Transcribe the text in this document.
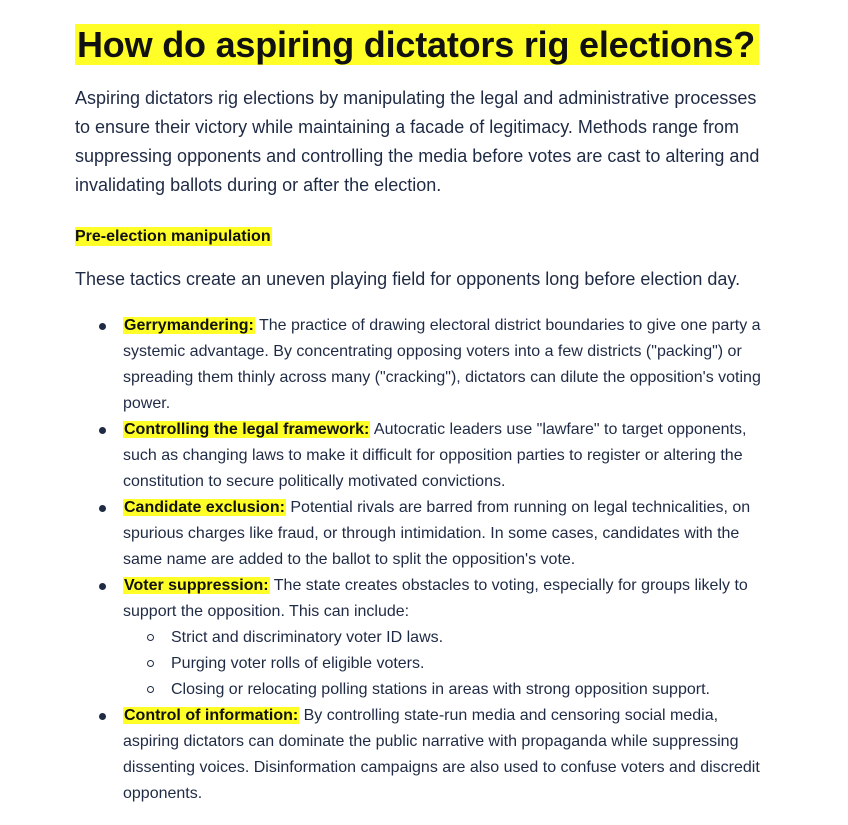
How do aspiring dictators rig elections?

Aspiring dictators rig elections by manipulating the legal and administrative processes to ensure their victory while maintaining a facade of legitimacy. Methods range from suppressing opponents and controlling the media before votes are cast to altering and invalidating ballots during or after the election.

Pre-election manipulation

These tactics create an uneven playing field for opponents long before election day.

Gerrymandering: The practice of drawing electoral district boundaries to give one party a systemic advantage. By concentrating opposing voters into a few districts ("packing") or spreading them thinly across many ("cracking"), dictators can dilute the opposition's voting power.
Controlling the legal framework: Autocratic leaders use "lawfare" to target opponents, such as changing laws to make it difficult for opposition parties to register or altering the constitution to secure politically motivated convictions.
Candidate exclusion: Potential rivals are barred from running on legal technicalities, on spurious charges like fraud, or through intimidation. In some cases, candidates with the same name are added to the ballot to split the opposition's vote.
Voter suppression: The state creates obstacles to voting, especially for groups likely to support the opposition. This can include:
Strict and discriminatory voter ID laws.
Purging voter rolls of eligible voters.
Closing or relocating polling stations in areas with strong opposition support.
Control of information: By controlling state-run media and censoring social media, aspiring dictators can dominate the public narrative with propaganda while suppressing dissenting voices. Disinformation campaigns are also used to confuse voters and discredit opponents.
